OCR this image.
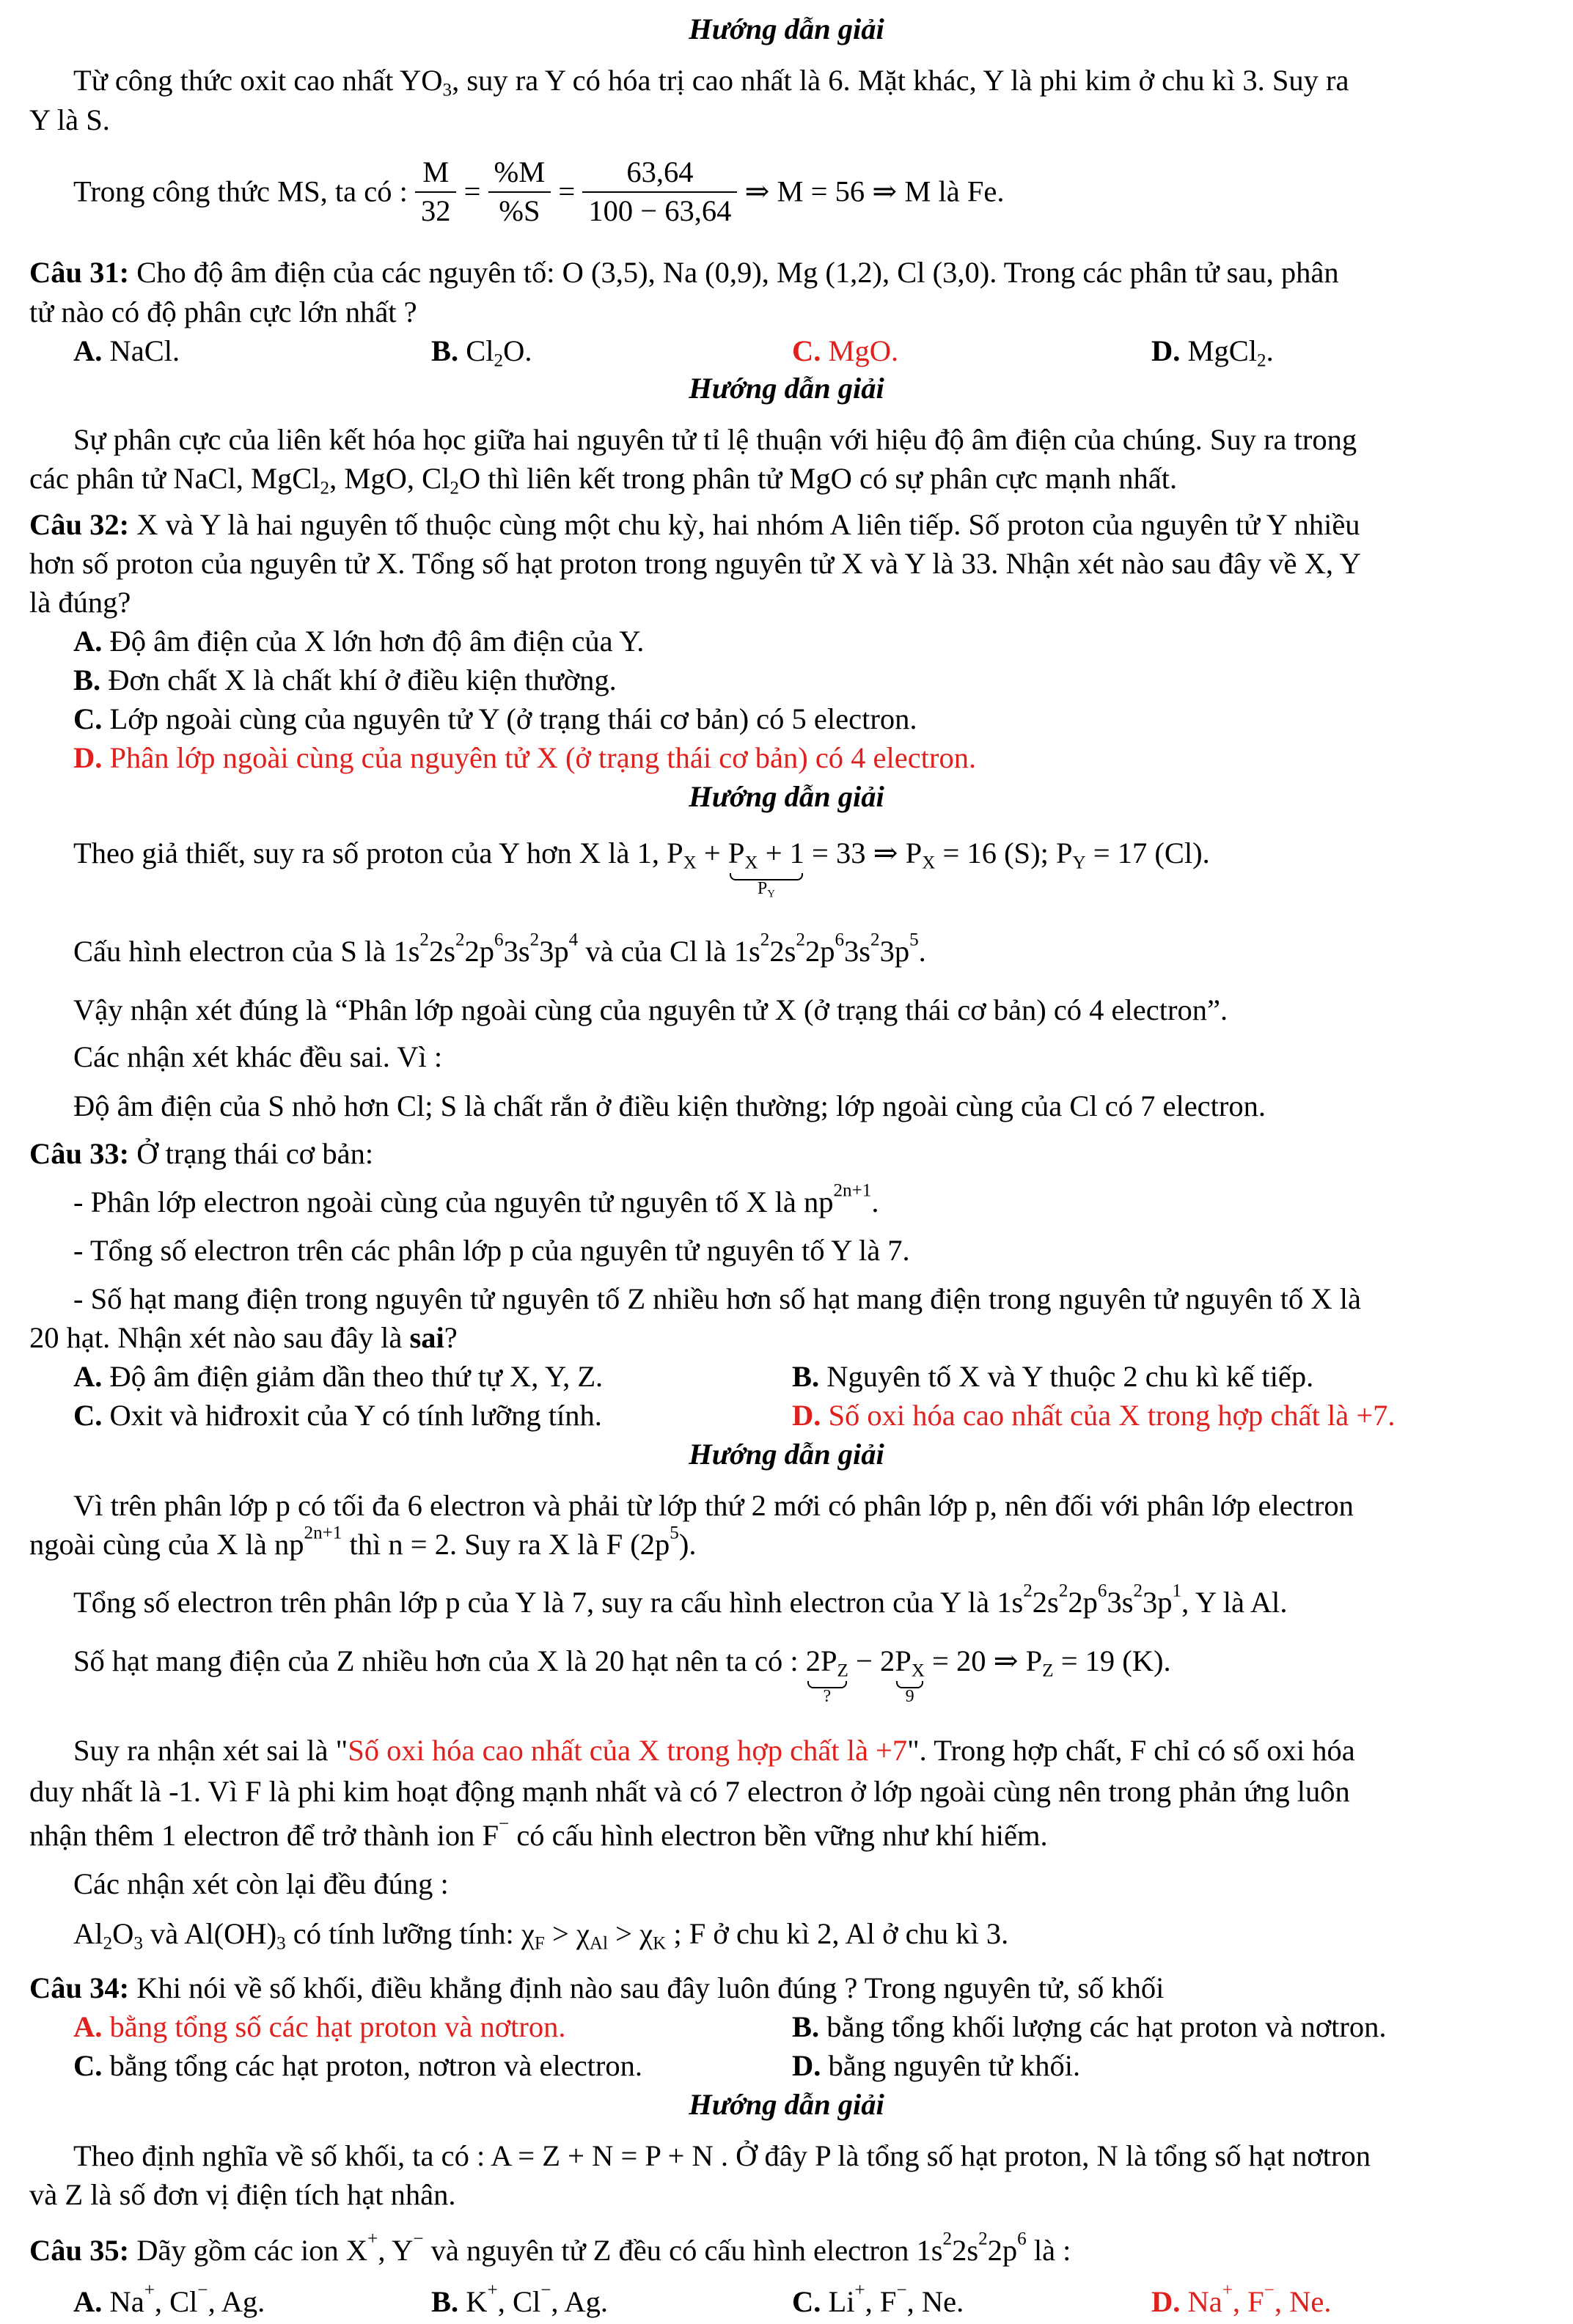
Hướng dẫn giải
Từ công thức oxit cao nhất $YO_3$, suy ra Y có hóa trị cao nhất là 6. Mặt khác, Y là phi kim ở chu kì 3. Suy ra
Y là S.
Trong công thức MS, ta có : $\frac{M}{32} = \frac{\%M}{\%S} = \frac{63,64}{100 - 63,64}$ ⇒ M = 56 ⇒ M là Fe.
Câu 31: Cho độ âm điện của các nguyên tố: O (3,5), Na (0,9), Mg (1,2), Cl (3,0). Trong các phân tử sau, phân
tử nào có độ phân cực lớn nhất ?
A. NaCl.	B. $Cl_2O$.	C. MgO.	D. MgCl$_2$.
Hướng dẫn giải
Sự phân cực của liên kết hóa học giữa hai nguyên tử tỉ lệ thuận với hiệu độ âm điện của chúng. Suy ra trong
các phân tử NaCl, MgCl$_2$, MgO, $Cl_2O$ thì liên kết trong phân tử MgO có sự phân cực mạnh nhất.
Câu 32: X và Y là hai nguyên tố thuộc cùng một chu kỳ, hai nhóm A liên tiếp. Số proton của nguyên tử Y nhiều
hơn số proton của nguyên tử X. Tổng số hạt proton trong nguyên tử X và Y là 33. Nhận xét nào sau đây về X, Y
là đúng?
A. Độ âm điện của X lớn hơn độ âm điện của Y.
B. Đơn chất X là chất khí ở điều kiện thường.
C. Lớp ngoài cùng của nguyên tử Y (ở trạng thái cơ bản) có 5 electron.
D. Phân lớp ngoài cùng của nguyên tử X (ở trạng thái cơ bản) có 4 electron.
Hướng dẫn giải
Theo giả thiết, suy ra số proton của Y hơn X là 1, $P_X + P_X + 1$
$P_Y$
= 33 ⇒ $P_X = 16$ (S); $P_Y = 17$ (Cl).
Cấu hình electron của S là $1s^22s^22p^63s^23p^4$ và của Cl là $1s^22s^22p^63s^23p^5$.
Vậy nhận xét đúng là “Phân lớp ngoài cùng của nguyên tử X (ở trạng thái cơ bản) có 4 electron”.
Các nhận xét khác đều sai. Vì :
Độ âm điện của S nhỏ hơn Cl; S là chất rắn ở điều kiện thường; lớp ngoài cùng của Cl có 7 electron.
Câu 33: Ở trạng thái cơ bản:
- Phân lớp electron ngoài cùng của nguyên tử nguyên tố X là $np^{2n+1}$.
- Tổng số electron trên các phân lớp p của nguyên tử nguyên tố Y là 7.
- Số hạt mang điện trong nguyên tử nguyên tố Z nhiều hơn số hạt mang điện trong nguyên tử nguyên tố X là
20 hạt. Nhận xét nào sau đây là sai?
A. Độ âm điện giảm dần theo thứ tự X, Y, Z.	B. Nguyên tố X và Y thuộc 2 chu kì kế tiếp.
C. Oxit và hiđroxit của Y có tính lưỡng tính.	D. Số oxi hóa cao nhất của X trong hợp chất là +7.
Hướng dẫn giải
Vì trên phân lớp p có tối đa 6 electron và phải từ lớp thứ 2 mới có phân lớp p, nên đối với phân lớp electron
ngoài cùng của X là $np^{2n+1}$ thì n = 2. Suy ra X là F $(2p^5)$.
Tổng số electron trên phân lớp p của Y là 7, suy ra cấu hình electron của Y là $1s^22s^22p^63s^23p^1$, Y là Al.
Số hạt mang điện của Z nhiều hơn của X là 20 hạt nên ta có : $2P_Z$
?
− $2P_X$
9
= 20 ⇒ $P_Z = 19$ (K).
Suy ra nhận xét sai là "Số oxi hóa cao nhất của X trong hợp chất là +7". Trong hợp chất, F chỉ có số oxi hóa
duy nhất là -1. Vì F là phi kim hoạt động mạnh nhất và có 7 electron ở lớp ngoài cùng nên trong phản ứng luôn
nhận thêm 1 electron để trở thành ion F− có cấu hình electron bền vững như khí hiếm.
Các nhận xét còn lại đều đúng :
$Al_2O_3$ và $Al(OH)_3$ có tính lưỡng tính: $\chi_F > \chi_{Al} > \chi_K$ ; F ở chu kì 2, Al ở chu kì 3.
Câu 34: Khi nói về số khối, điều khẳng định nào sau đây luôn đúng ? Trong nguyên tử, số khối
A. bằng tổng số các hạt proton và nơtron.	B. bằng tổng khối lượng các hạt proton và nơtron.
C. bằng tổng các hạt proton, nơtron và electron.	D. bằng nguyên tử khối.
Hướng dẫn giải
Theo định nghĩa về số khối, ta có : A = Z + N = P + N . Ở đây P là tổng số hạt proton, N là tổng số hạt nơtron
và Z là số đơn vị điện tích hạt nhân.
Câu 35: Dãy gồm các ion X+, Y− và nguyên tử Z đều có cấu hình electron $1s^22s^22p^6$ là :
A. Na+, Cl−, Ag.	B. K+, Cl−, Ag.	C. Li+, F−, Ne.	D. Na+, F−, Ne.
